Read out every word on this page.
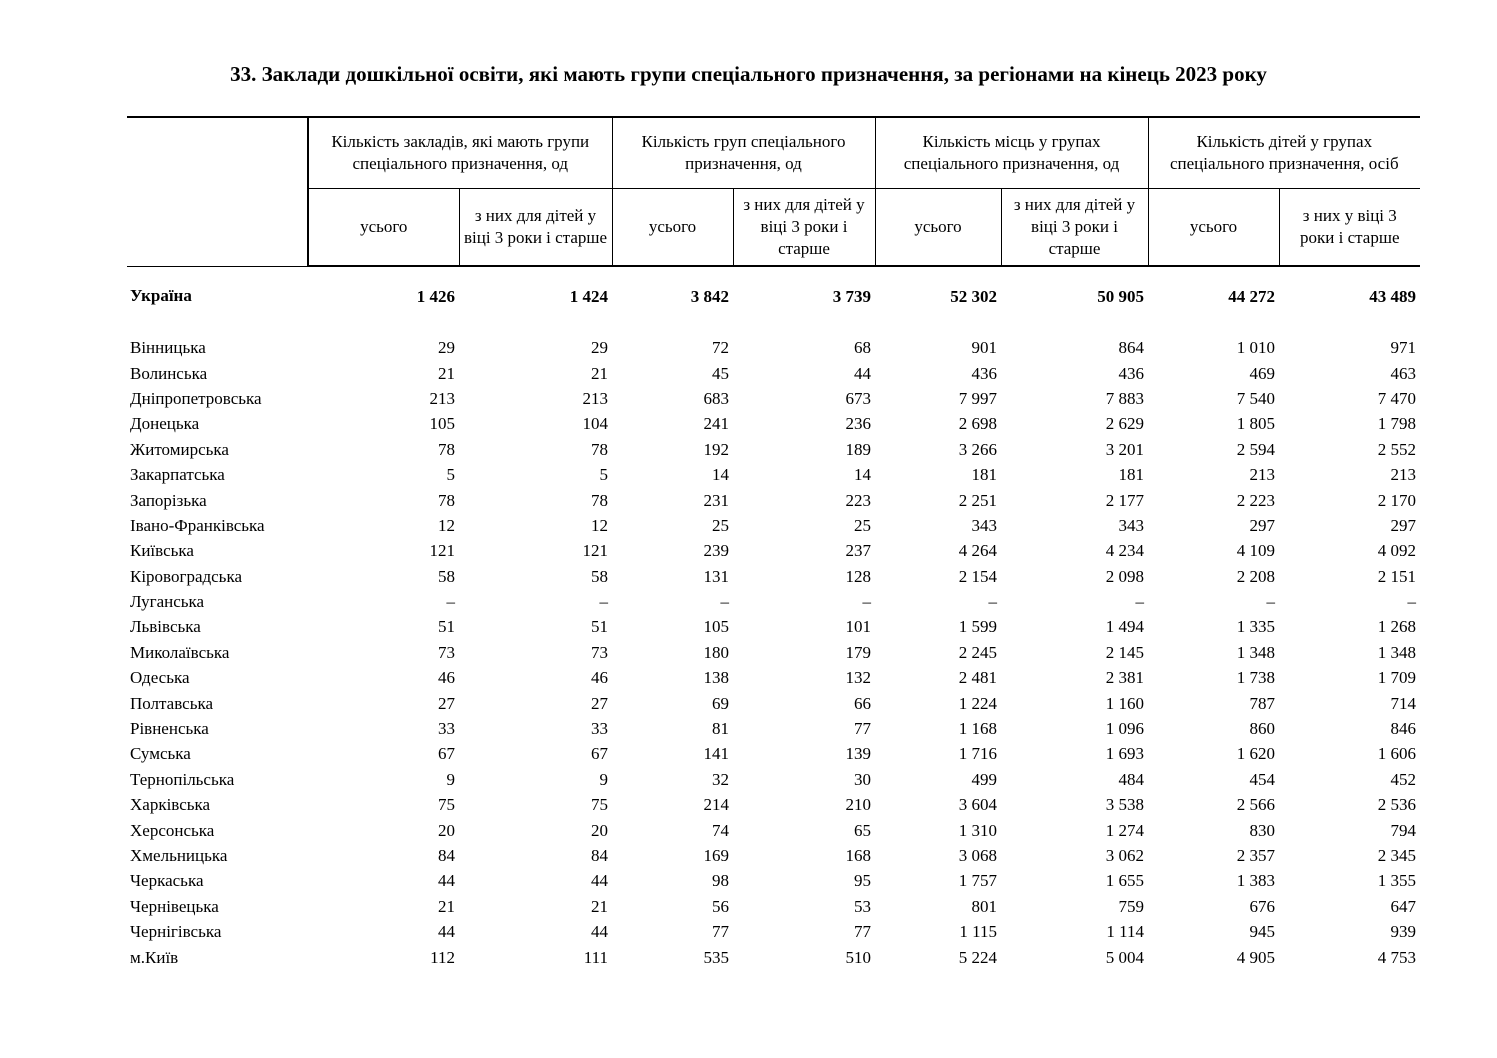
33. Заклади дошкільної освіти, які мають групи спеціального призначення, за регіонами на кінець 2023 року
	Кількість закладів, які мають групи спеціального призначення, од		Кількість груп спеціального призначення, од		Кількість місць у групах спеціального призначення, од		Кількість дітей у групах спеціального призначення, осіб	
	усього	з них для дітей у віці 3 роки і старше	усього	з них для дітей у віці 3 роки і старше	усього	з них для дітей у віці 3 роки і старше	усього	з них у віці 3 роки і старше
Україна	1 426	1 424	3 842	3 739	52 302	50 905	44 272	43 489
Вінницька	29	29	72	68	901	864	1 010	971
Волинська	21	21	45	44	436	436	469	463
Дніпропетровська	213	213	683	673	7 997	7 883	7 540	7 470
Донецька	105	104	241	236	2 698	2 629	1 805	1 798
Житомирська	78	78	192	189	3 266	3 201	2 594	2 552
Закарпатська	5	5	14	14	181	181	213	213
Запорізька	78	78	231	223	2 251	2 177	2 223	2 170
Івано-Франківська	12	12	25	25	343	343	297	297
Київська	121	121	239	237	4 264	4 234	4 109	4 092
Кіровоградська	58	58	131	128	2 154	2 098	2 208	2 151
Луганська	–	–	–	–	–	–	–	–
Львівська	51	51	105	101	1 599	1 494	1 335	1 268
Миколаївська	73	73	180	179	2 245	2 145	1 348	1 348
Одеська	46	46	138	132	2 481	2 381	1 738	1 709
Полтавська	27	27	69	66	1 224	1 160	787	714
Рівненська	33	33	81	77	1 168	1 096	860	846
Сумська	67	67	141	139	1 716	1 693	1 620	1 606
Тернопільська	9	9	32	30	499	484	454	452
Харківська	75	75	214	210	3 604	3 538	2 566	2 536
Херсонська	20	20	74	65	1 310	1 274	830	794
Хмельницька	84	84	169	168	3 068	3 062	2 357	2 345
Черкаська	44	44	98	95	1 757	1 655	1 383	1 355
Чернівецька	21	21	56	53	801	759	676	647
Чернігівська	44	44	77	77	1 115	1 114	945	939
м.Київ	112	111	535	510	5 224	5 004	4 905	4 753
